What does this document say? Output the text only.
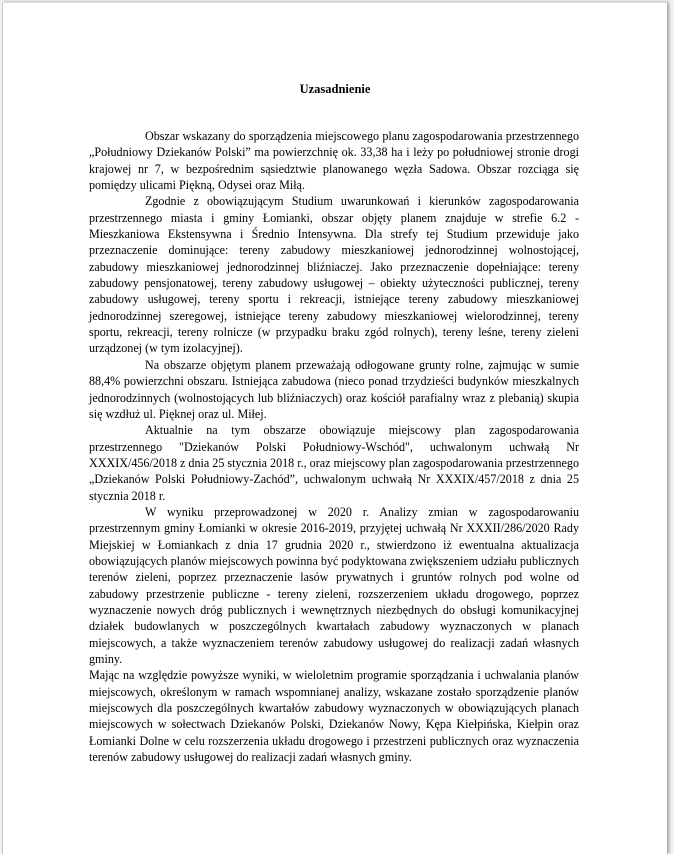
Uzasadnienie

Obszar wskazany do sporządzenia miejscowego planu zagospodarowania przestrzennego „Południowy Dziekanów Polski” ma powierzchnię ok. 33,38 ha i leży po południowej stronie drogi krajowej nr 7, w bezpośrednim sąsiedztwie planowanego węzła Sadowa. Obszar rozciąga się pomiędzy ulicami Piękną, Odysei oraz Miłą.

Zgodnie z obowiązującym Studium uwarunkowań i kierunków zagospodarowania przestrzennego miasta i gminy Łomianki, obszar objęty planem znajduje w strefie 6.2 - Mieszkaniowa Ekstensywna i Średnio Intensywna. Dla strefy tej Studium przewiduje jako przeznaczenie dominujące: tereny zabudowy mieszkaniowej jednorodzinnej wolnostojącej, zabudowy mieszkaniowej jednorodzinnej bliźniaczej. Jako przeznaczenie dopełniające: tereny zabudowy pensjonatowej, tereny zabudowy usługowej – obiekty użyteczności publicznej, tereny zabudowy usługowej, tereny sportu i rekreacji, istniejące tereny zabudowy mieszkaniowej jednorodzinnej szeregowej, istniejące tereny zabudowy mieszkaniowej wielorodzinnej, tereny sportu, rekreacji, tereny rolnicze (w przypadku braku zgód rolnych), tereny leśne, tereny zieleni urządzonej (w tym izolacyjnej).

Na obszarze objętym planem przeważają odłogowane grunty rolne, zajmując w sumie 88,4% powierzchni obszaru. Istniejąca zabudowa (nieco ponad trzydzieści budynków mieszkalnych jednorodzinnych (wolnostojących lub bliźniaczych) oraz kościół parafialny wraz z plebanią) skupia się wzdłuż ul. Pięknej oraz ul. Miłej.

Aktualnie na tym obszarze obowiązuje miejscowy plan zagospodarowania przestrzennego "Dziekanów Polski Południowy-Wschód", uchwalonym uchwałą Nr XXXIX/456/2018 z dnia 25 stycznia 2018 r., oraz miejscowy plan zagospodarowania przestrzennego „Dziekanów Polski Południowy-Zachód”, uchwalonym uchwałą Nr XXXIX/457/2018 z dnia 25 stycznia 2018 r.

W wyniku przeprowadzonej w 2020 r. Analizy zmian w zagospodarowaniu przestrzennym gminy Łomianki w okresie 2016-2019, przyjętej uchwałą Nr XXXII/286/2020 Rady Miejskiej w Łomiankach z dnia 17 grudnia 2020 r., stwierdzono iż ewentualna aktualizacja obowiązujących planów miejscowych powinna być podyktowana zwiększeniem udziału publicznych terenów zieleni, poprzez przeznaczenie lasów prywatnych i gruntów rolnych pod wolne od zabudowy przestrzenie publiczne - tereny zieleni, rozszerzeniem układu drogowego, poprzez wyznaczenie nowych dróg publicznych i wewnętrznych niezbędnych do obsługi komunikacyjnej działek budowlanych w poszczególnych kwartałach zabudowy wyznaczonych w planach miejscowych, a także wyznaczeniem terenów zabudowy usługowej do realizacji zadań własnych gminy.

Mając na względzie powyższe wyniki, w wieloletnim programie sporządzania i uchwalania planów miejscowych, określonym w ramach wspomnianej analizy, wskazane zostało sporządzenie planów miejscowych dla poszczególnych kwartałów zabudowy wyznaczonych w obowiązujących planach miejscowych w sołectwach Dziekanów Polski, Dziekanów Nowy, Kępa Kiełpińska, Kiełpin oraz Łomianki Dolne w celu rozszerzenia układu drogowego i przestrzeni publicznych oraz wyznaczenia terenów zabudowy usługowej do realizacji zadań własnych gminy.
